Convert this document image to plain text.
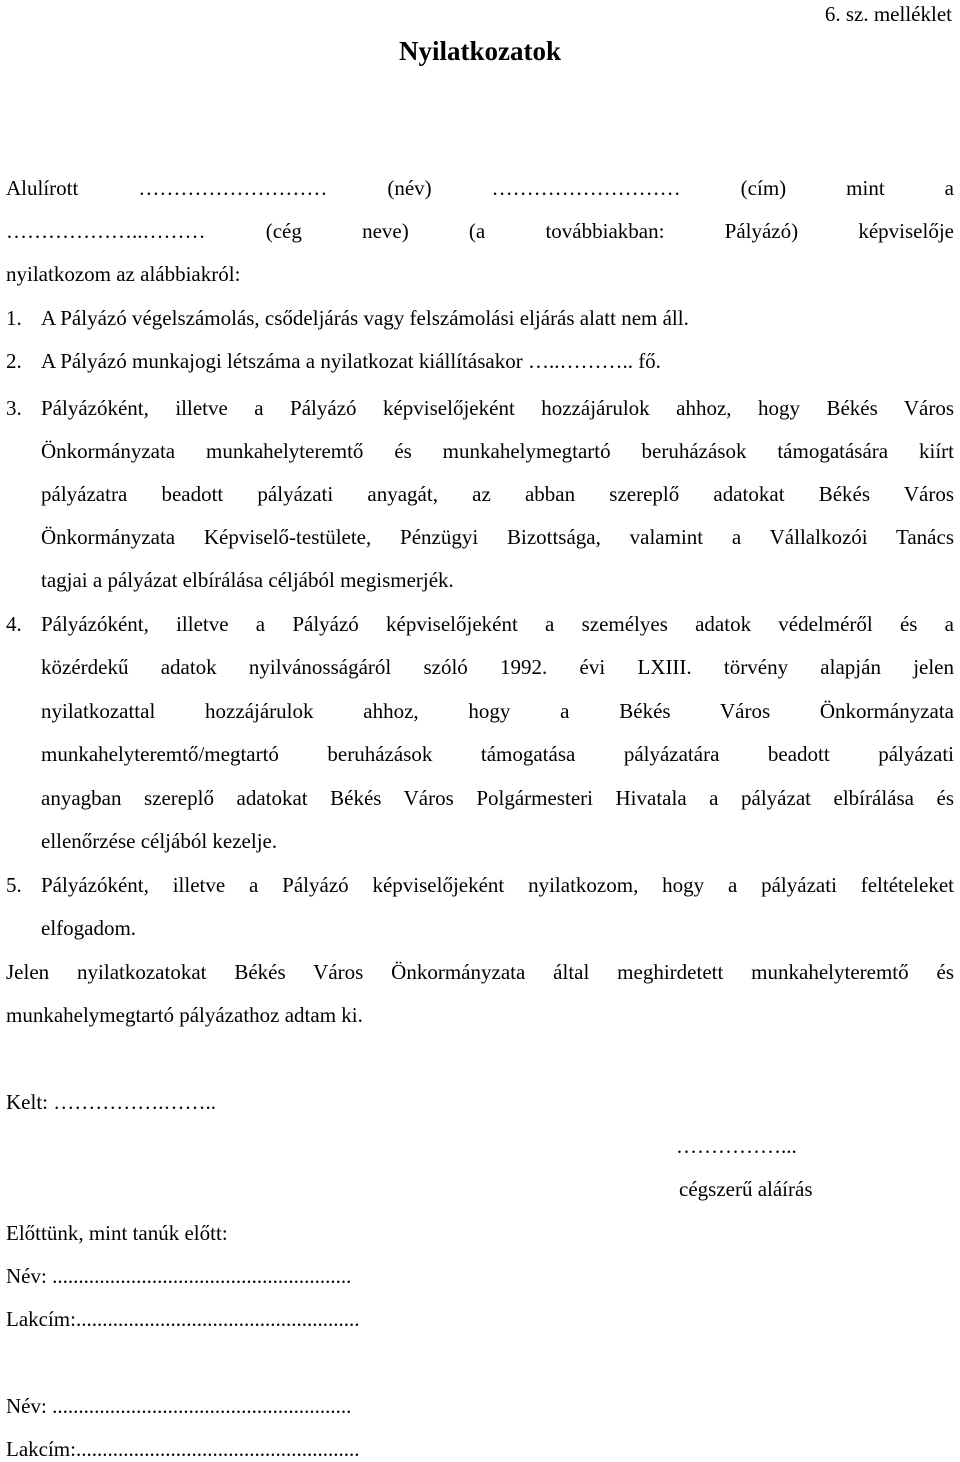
6. sz. melléklet
Nyilatkozatok
Alulírott ……………………… (név) ……………………… (cím) mint a
………………..……… (cég neve) (a továbbiakban: Pályázó) képviselője
nyilatkozom az alábbiakról:
1. A Pályázó végelszámolás, csődeljárás vagy felszámolási eljárás alatt nem áll.
2. A Pályázó munkajogi létszáma a nyilatkozat kiállításakor …..……….. fő.
3. Pályázóként, illetve a Pályázó képviselőjeként hozzájárulok ahhoz, hogy Békés Város
Önkormányzata munkahelyteremtő és munkahelymegtartó beruházások támogatására kiírt
pályázatra beadott pályázati anyagát, az abban szereplő adatokat Békés Város
Önkormányzata Képviselő-testülete, Pénzügyi Bizottsága, valamint a Vállalkozói Tanács
tagjai a pályázat elbírálása céljából megismerjék.
4. Pályázóként, illetve a Pályázó képviselőjeként a személyes adatok védelméről és a
közérdekű adatok nyilvánosságáról szóló 1992. évi LXIII. törvény alapján jelen
nyilatkozattal hozzájárulok ahhoz, hogy a Békés Város Önkormányzata
munkahelyteremtő/megtartó beruházások támogatása pályázatára beadott pályázati
anyagban szereplő adatokat Békés Város Polgármesteri Hivatala a pályázat elbírálása és
ellenőrzése céljából kezelje.
5. Pályázóként, illetve a Pályázó képviselőjeként nyilatkozom, hogy a pályázati feltételeket
elfogadom.
Jelen nyilatkozatokat Békés Város Önkormányzata által meghirdetett munkahelyteremtő és
munkahelymegtartó pályázathoz adtam ki.
Kelt: …………….……..
……………...
cégszerű aláírás
Előttünk, mint tanúk előtt:
Név: .........................................................
Lakcím:......................................................
Név: .........................................................
Lakcím:......................................................
